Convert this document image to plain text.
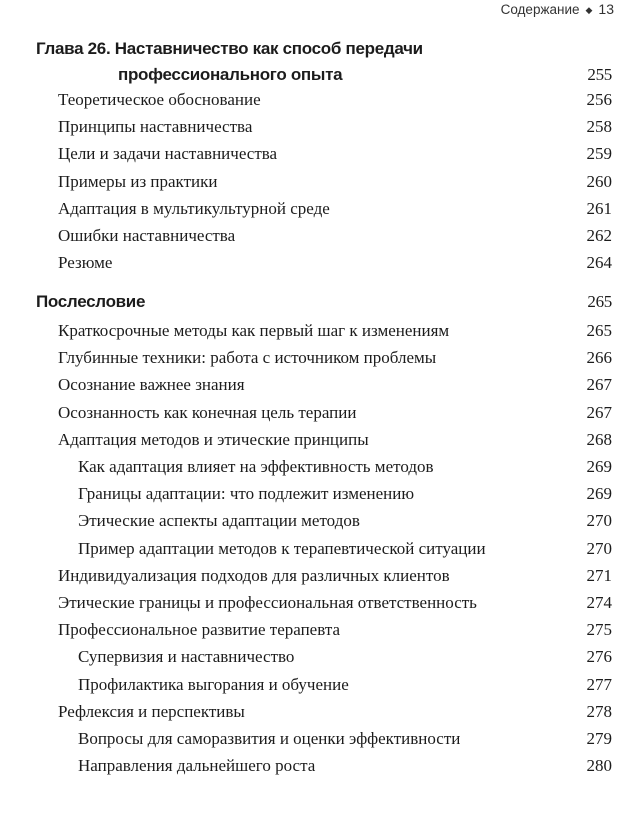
Содержание ◆ 13
Глава 26. Наставничество как способ передачи
профессионального опыта	255
Теоретическое обоснование	256
Принципы наставничества	258
Цели и задачи наставничества	259
Примеры из практики	260
Адаптация в мультикультурной среде	261
Ошибки наставничества	262
Резюме	264
Послесловие	265
Краткосрочные методы как первый шаг к изменениям	265
Глубинные техники: работа с источником проблемы	266
Осознание важнее знания	267
Осознанность как конечная цель терапии	267
Адаптация методов и этические принципы	268
Как адаптация влияет на эффективность методов	269
Границы адаптации: что подлежит изменению	269
Этические аспекты адаптации методов	270
Пример адаптации методов к терапевтической ситуации	270
Индивидуализация подходов для различных клиентов	271
Этические границы и профессиональная ответственность	274
Профессиональное развитие терапевта	275
Супервизия и наставничество	276
Профилактика выгорания и обучение	277
Рефлексия и перспективы	278
Вопросы для саморазвития и оценки эффективности	279
Направления дальнейшего роста	280
